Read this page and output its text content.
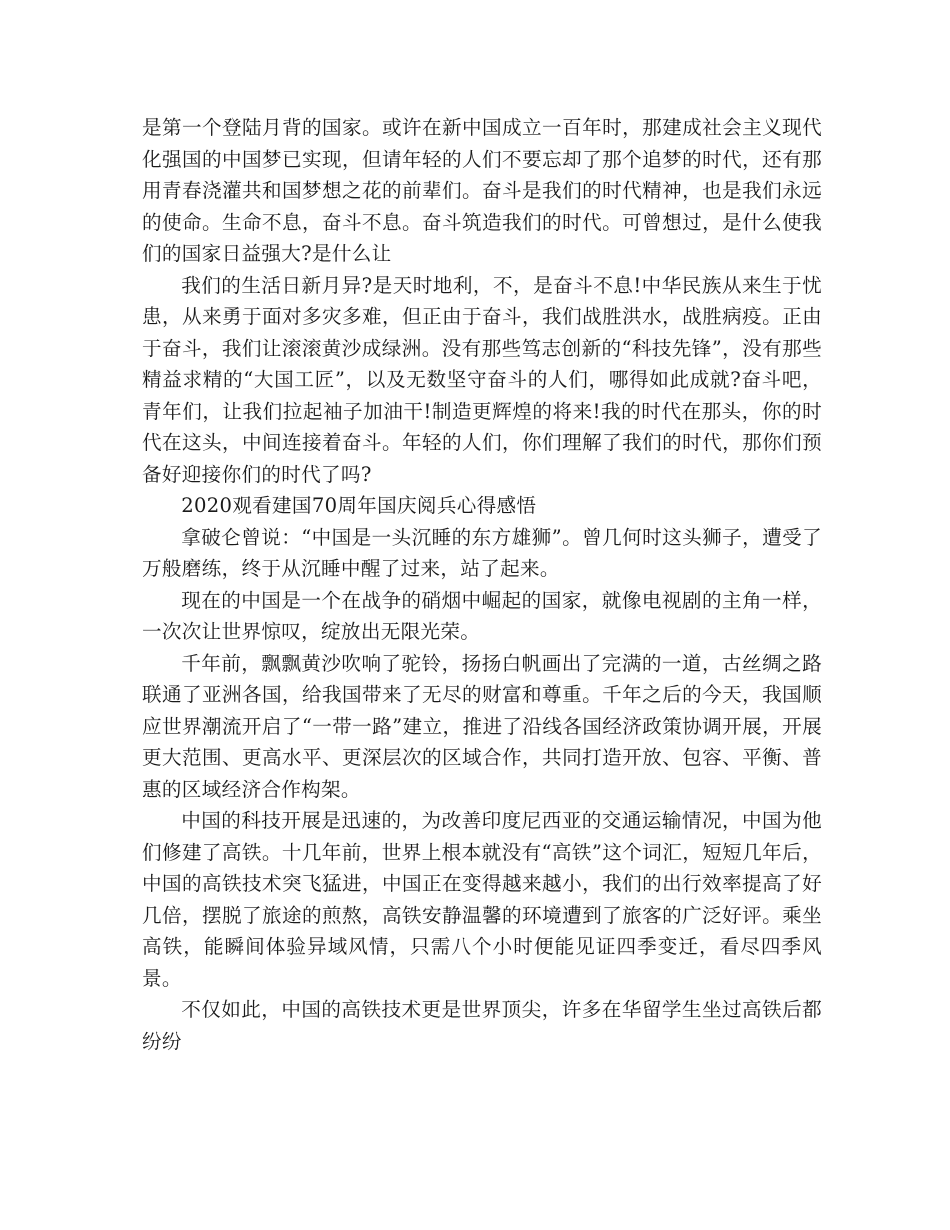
是第一个登陆月背的国家。或许在新中国成立一百年时，那建成社会主义现代化强国的中国梦已实现，但请年轻的人们不要忘却了那个追梦的时代，还有那用青春浇灌共和国梦想之花的前辈们。奋斗是我们的时代精神，也是我们永远的使命。生命不息，奋斗不息。奋斗筑造我们的时代。可曾想过，是什么使我们的国家日益强大?是什么让

我们的生活日新月异?是天时地利，不，是奋斗不息!中华民族从来生于忧患，从来勇于面对多灾多难，但正由于奋斗，我们战胜洪水，战胜病疫。正由于奋斗，我们让滚滚黄沙成绿洲。没有那些笃志创新的“科技先锋”，没有那些精益求精的“大国工匠”，以及无数坚守奋斗的人们，哪得如此成就?奋斗吧，青年们，让我们拉起袖子加油干!制造更辉煌的将来!我的时代在那头，你的时代在这头，中间连接着奋斗。年轻的人们，你们理解了我们的时代，那你们预备好迎接你们的时代了吗?

2020观看建国70周年国庆阅兵心得感悟

拿破仑曾说：“中国是一头沉睡的东方雄狮”。曾几何时这头狮子，遭受了万般磨练，终于从沉睡中醒了过来，站了起来。

现在的中国是一个在战争的硝烟中崛起的国家，就像电视剧的主角一样，一次次让世界惊叹，绽放出无限光荣。

千年前，飘飘黄沙吹响了驼铃，扬扬白帆画出了完满的一道，古丝绸之路联通了亚洲各国，给我国带来了无尽的财富和尊重。千年之后的今天，我国顺应世界潮流开启了“一带一路”建立，推进了沿线各国经济政策协调开展，开展更大范围、更高水平、更深层次的区域合作，共同打造开放、包容、平衡、普惠的区域经济合作构架。

中国的科技开展是迅速的，为改善印度尼西亚的交通运输情况，中国为他们修建了高铁。十几年前，世界上根本就没有“高铁”这个词汇，短短几年后，中国的高铁技术突飞猛进，中国正在变得越来越小，我们的出行效率提高了好几倍，摆脱了旅途的煎熬，高铁安静温馨的环境遭到了旅客的广泛好评。乘坐高铁，能瞬间体验异域风情，只需八个小时便能见证四季变迁，看尽四季风景。

不仅如此，中国的高铁技术更是世界顶尖，许多在华留学生坐过高铁后都纷纷
